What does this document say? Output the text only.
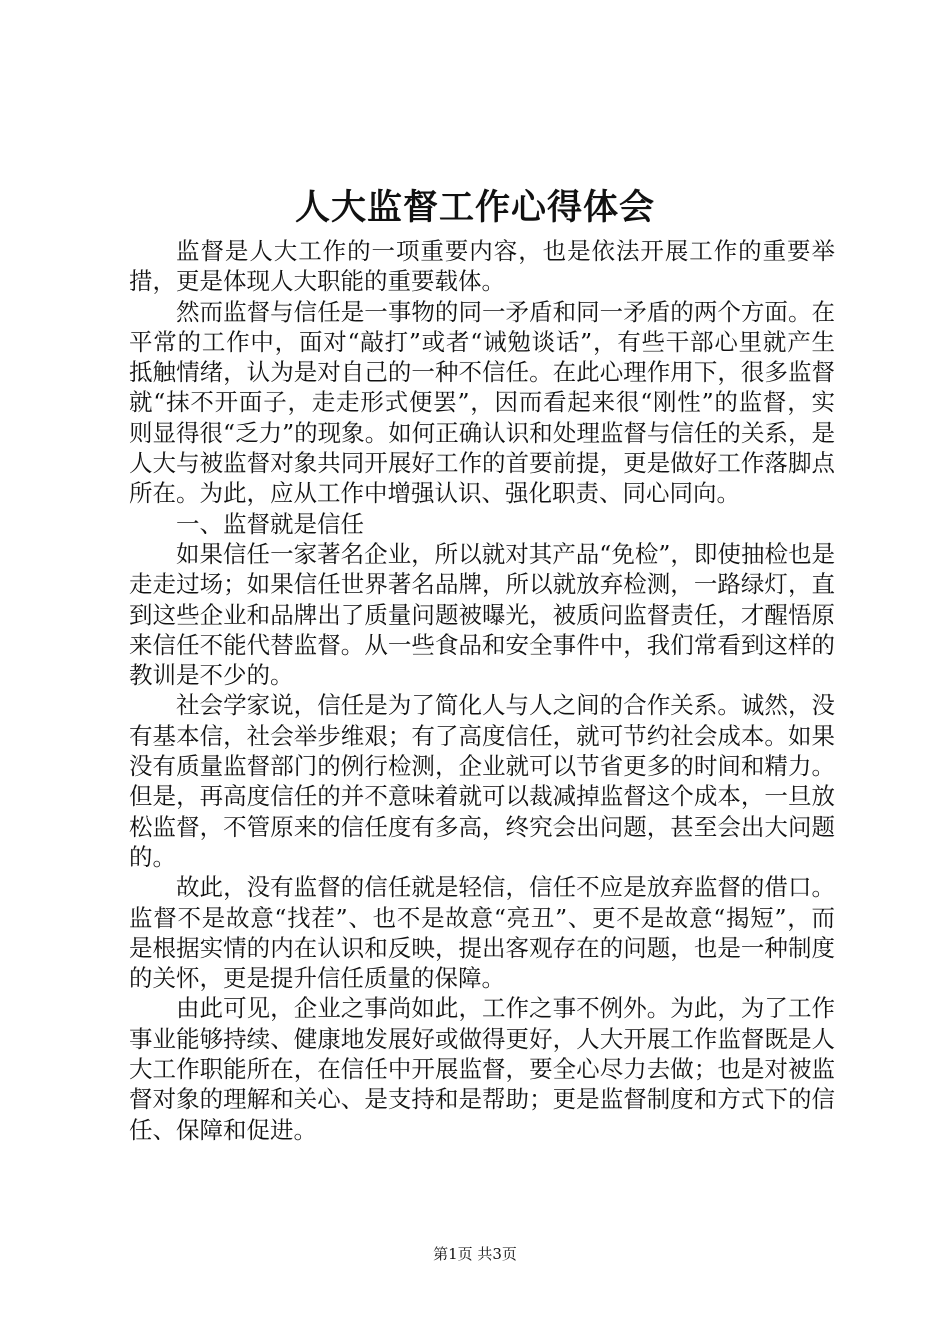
人大监督工作心得体会

监督是人大工作的一项重要内容，也是依法开展工作的重要举措，更是体现人大职能的重要载体。

然而监督与信任是一事物的同一矛盾和同一矛盾的两个方面。在平常的工作中，面对“敲打”或者“诫勉谈话”，有些干部心里就产生抵触情绪，认为是对自己的一种不信任。在此心理作用下，很多监督就“抹不开面子，走走形式便罢”，因而看起来很“刚性”的监督，实则显得很“乏力”的现象。如何正确认识和处理监督与信任的关系，是人大与被监督对象共同开展好工作的首要前提，更是做好工作落脚点所在。为此，应从工作中增强认识、强化职责、同心同向。

一、监督就是信任

如果信任一家著名企业，所以就对其产品“免检”，即使抽检也是走走过场；如果信任世界著名品牌，所以就放弃检测，一路绿灯，直到这些企业和品牌出了质量问题被曝光，被质问监督责任，才醒悟原来信任不能代替监督。从一些食品和安全事件中，我们常看到这样的教训是不少的。

社会学家说，信任是为了简化人与人之间的合作关系。诚然，没有基本信，社会举步维艰；有了高度信任，就可节约社会成本。如果没有质量监督部门的例行检测，企业就可以节省更多的时间和精力。但是，再高度信任的并不意味着就可以裁减掉监督这个成本，一旦放松监督，不管原来的信任度有多高，终究会出问题，甚至会出大问题的。

故此，没有监督的信任就是轻信，信任不应是放弃监督的借口。监督不是故意“找茬”、也不是故意“亮丑”、更不是故意“揭短”，而是根据实情的内在认识和反映，提出客观存在的问题，也是一种制度的关怀，更是提升信任质量的保障。

由此可见，企业之事尚如此，工作之事不例外。为此，为了工作事业能够持续、健康地发展好或做得更好，人大开展工作监督既是人大工作职能所在，在信任中开展监督，要全心尽力去做；也是对被监督对象的理解和关心、是支持和是帮助；更是监督制度和方式下的信任、保障和促进。

第1页 共3页
